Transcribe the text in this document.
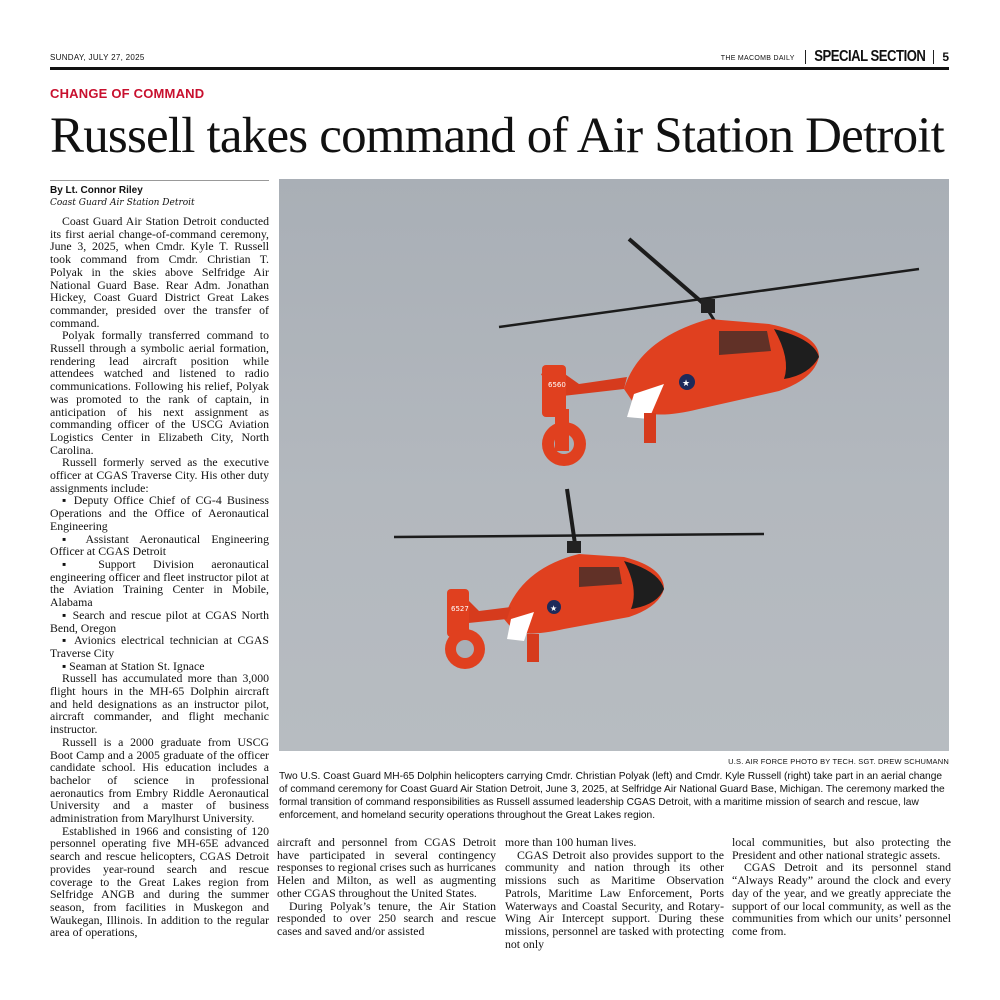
SUNDAY, JULY 27, 2025	THE MACOMB DAILY SPECIAL SECTION 5
CHANGE OF COMMAND
Russell takes command of Air Station Detroit
By Lt. Connor Riley
Coast Guard Air Station Detroit

Coast Guard Air Station Detroit conducted its first aerial change-of-command ceremony, June 3, 2025, when Cmdr. Kyle T. Russell took command from Cmdr. Christian T. Polyak in the skies above Selfridge Air National Guard Base. Rear Adm. Jonathan Hickey, Coast Guard District Great Lakes commander, presided over the transfer of command.

Polyak formally transferred command to Russell through a symbolic aerial formation, rendering lead aircraft position while attendees watched and listened to radio communications. Following his relief, Polyak was promoted to the rank of captain, in anticipation of his next assignment as commanding officer of the USCG Aviation Logistics Center in Elizabeth City, North Carolina.

Russell formerly served as the executive officer at CGAS Traverse City. His other duty assignments include:

▪ Deputy Office Chief of CG-4 Business Operations and the Office of Aeronautical Engineering
▪ Assistant Aeronautical Engineering Officer at CGAS Detroit
▪ Support Division aeronautical engineering officer and fleet instructor pilot at the Aviation Training Center in Mobile, Alabama
▪ Search and rescue pilot at CGAS North Bend, Oregon
▪ Avionics electrical technician at CGAS Traverse City
▪ Seaman at Station St. Ignace

Russell has accumulated more than 3,000 flight hours in the MH-65 Dolphin aircraft and held designations as an instructor pilot, aircraft commander, and flight mechanic instructor.

Russell is a 2000 graduate from USCG Boot Camp and a 2005 graduate of the officer candidate school. His education includes a bachelor of science in professional aeronautics from Embry Riddle Aeronautical University and a master of business administration from Marylhurst University.

Established in 1966 and consisting of 120 personnel operating five MH-65E advanced search and rescue helicopters, CGAS Detroit provides year-round search and rescue coverage to the Great Lakes region from Selfridge ANGB and during the summer season, from facilities in Muskegon and Waukegan, Illinois. In addition to the regular area of operations,

★
6560
★
6527
U.S. AIR FORCE PHOTO BY TECH. SGT. DREW SCHUMANN
Two U.S. Coast Guard MH-65 Dolphin helicopters carrying Cmdr. Christian Polyak (left) and Cmdr. Kyle Russell (right) take part in an aerial change of command ceremony for Coast Guard Air Station Detroit, June 3, 2025, at Selfridge Air National Guard Base, Michigan. The ceremony marked the formal transition of command responsibilities as Russell assumed leadership CGAS Detroit, with a maritime mission of search and rescue, law enforcement, and homeland security operations throughout the Great Lakes region.

aircraft and personnel from CGAS Detroit have participated in several contingency responses to regional crises such as hurricanes Helen and Milton, as well as augmenting other CGAS throughout the United States.

During Polyak’s tenure, the Air Station responded to over 250 search and rescue cases and saved and/or assisted

more than 100 human lives.

CGAS Detroit also provides support to the community and nation through its other missions such as Maritime Observation Patrols, Maritime Law Enforcement, Ports Waterways and Coastal Security, and Rotary-Wing Air Intercept support. During these missions, personnel are tasked with protecting not only

local communities, but also protecting the President and other national strategic assets.

CGAS Detroit and its personnel stand “Always Ready” around the clock and every day of the year, and we greatly appreciate the support of our local community, as well as the communities from which our units’ personnel come from.
